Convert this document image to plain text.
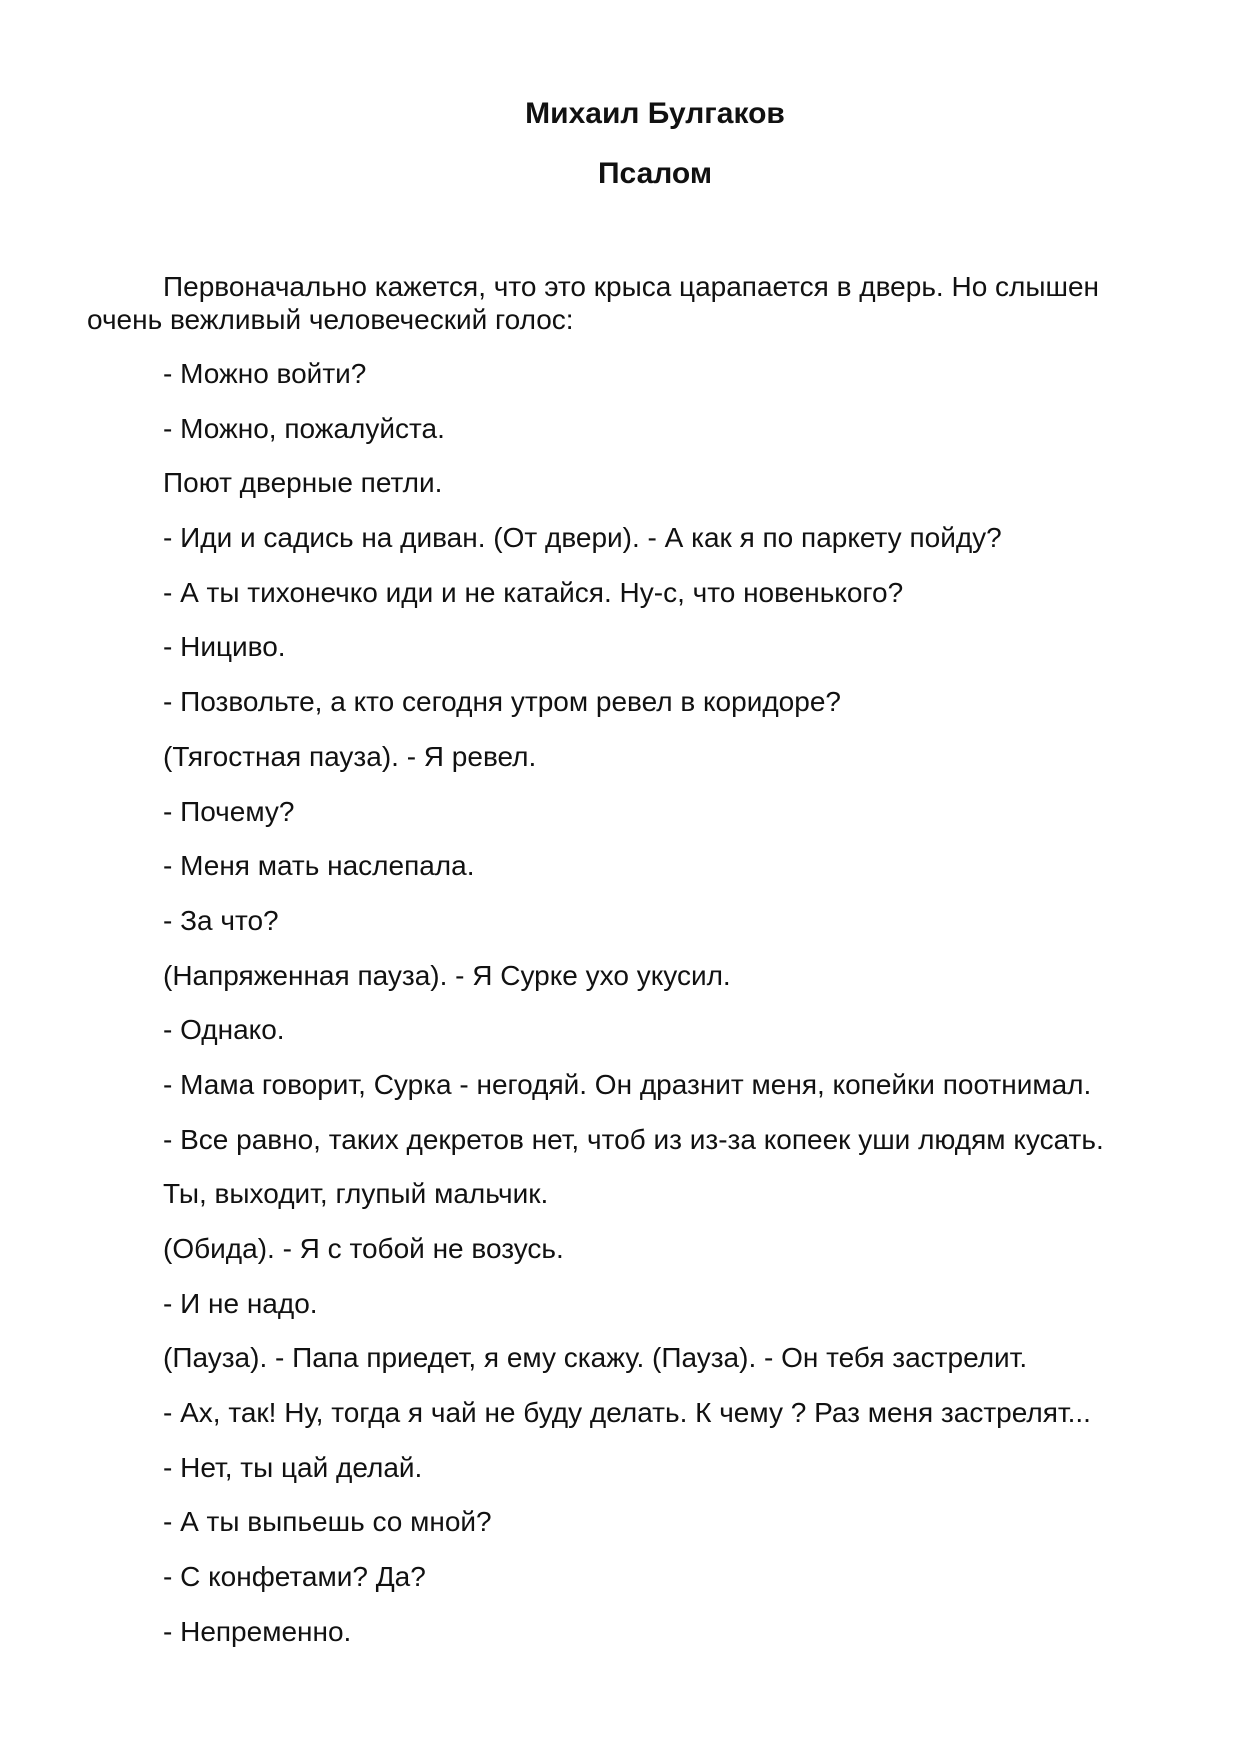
Михаил Булгаков
Псалом

Первоначально кажется, что это крыса царапается в дверь. Но слышен очень вежливый человеческий голос:

- Можно войти?
- Можно, пожалуйста.
Поют дверные петли.
- Иди и садись на диван. (От двери). - А как я по паркету пойду?
- А ты тихонечко иди и не катайся. Ну-с, что новенького?
- Нициво.
- Позвольте, а кто сегодня утром ревел в коридоре?
(Тягостная пауза). - Я ревел.
- Почему?
- Меня мать наслепала.
- За что?
(Напряженная пауза). - Я Сурке ухо укусил.
- Однако.
- Мама говорит, Сурка - негодяй. Он дразнит меня, копейки поотнимал.
- Все равно, таких декретов нет, чтоб из из-за копеек уши людям кусать.
Ты, выходит, глупый мальчик.
(Обида). - Я с тобой не возусь.
- И не надо.
(Пауза). - Папа приедет, я ему скажу. (Пауза). - Он тебя застрелит.
- Ах, так! Ну, тогда я чай не буду делать. К чему ? Раз меня застрелят...
- Нет, ты цай делай.
- А ты выпьешь со мной?
- С конфетами? Да?
- Непременно.
